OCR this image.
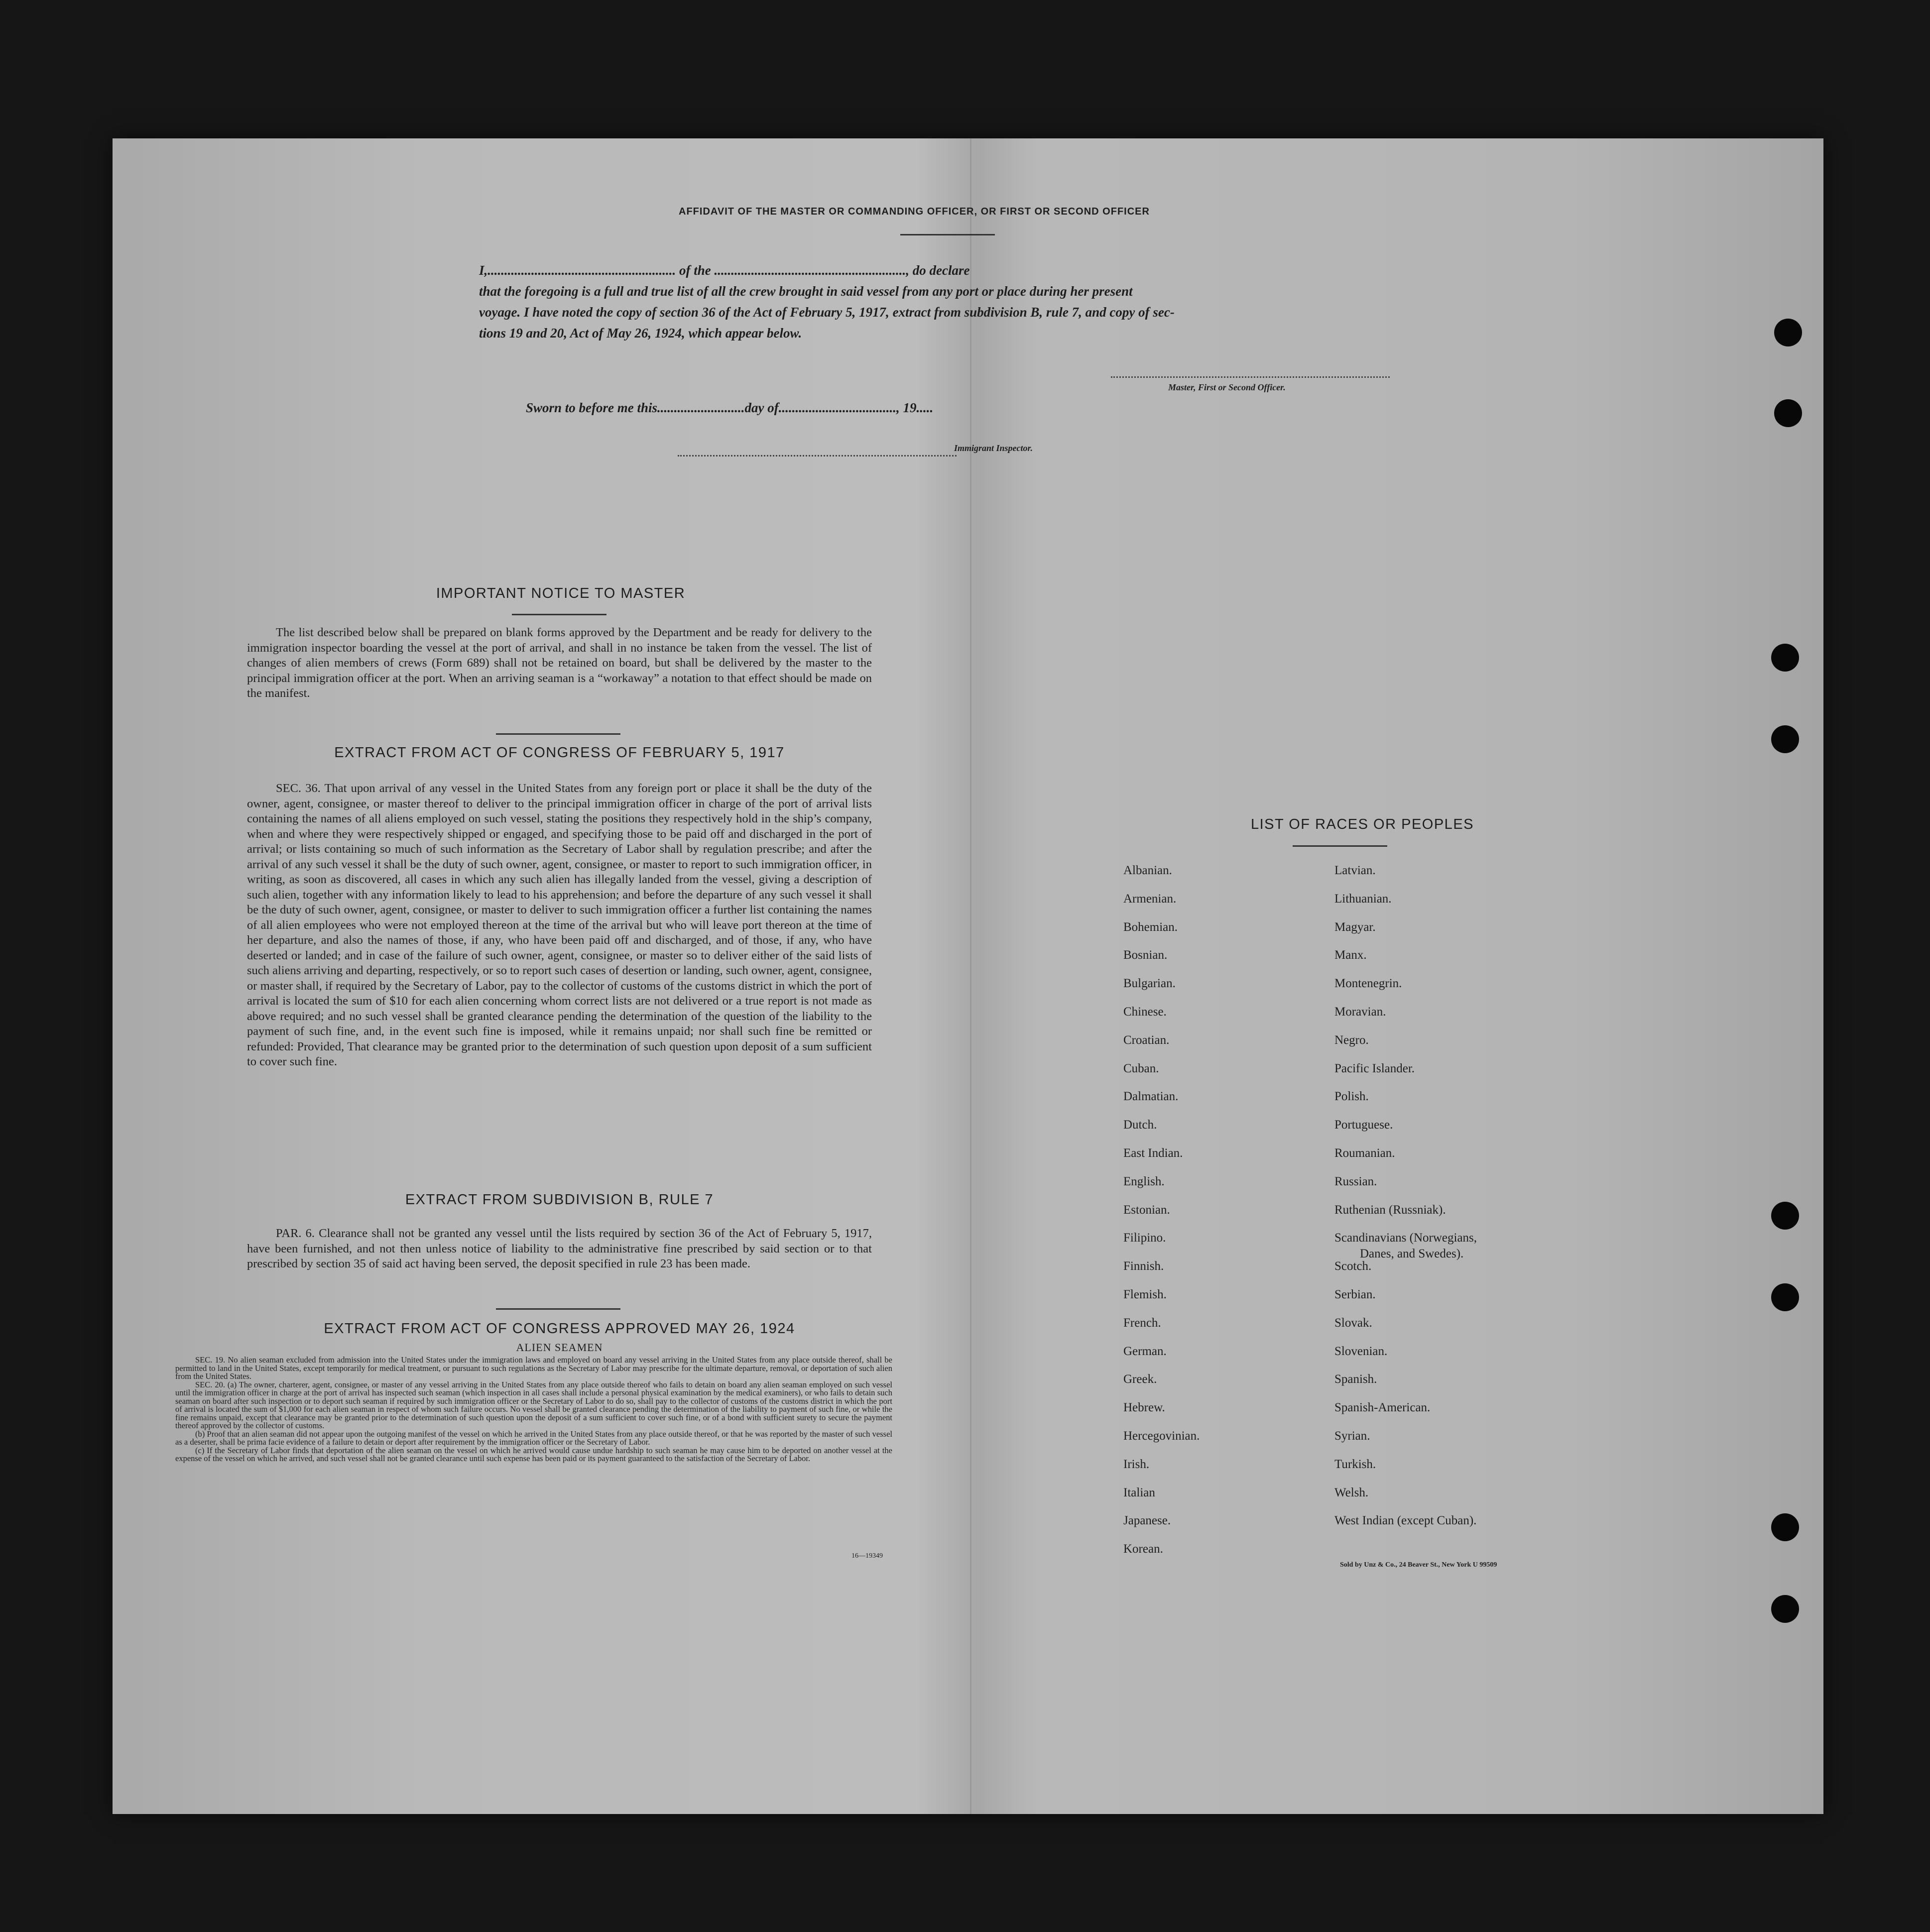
AFFIDAVIT OF THE MASTER OR COMMANDING OFFICER, OR FIRST OR SECOND OFFICER
I,........................................................ of the ........................................................., do declare
that the foregoing is a full and true list of all the crew brought in said vessel from any port or place during her present
voyage. I have noted the copy of section 36 of the Act of February 5, 1917, extract from subdivision B, rule 7, and copy of sec-
tions 19 and 20, Act of May 26, 1924, which appear below.
Master, First or Second Officer.
Sworn to before me this..........................day of..................................., 19.....
Immigrant Inspector.
IMPORTANT NOTICE TO MASTER

The list described below shall be prepared on blank forms approved by the Department and be ready for delivery to the immigration inspector boarding the vessel at the port of arrival, and shall in no instance be taken from the vessel. The list of changes of alien members of crews (Form 689) shall not be retained on board, but shall be delivered by the master to the principal immigration officer at the port. When an arriving seaman is a “workaway” a notation to that effect should be made on the manifest.

EXTRACT FROM ACT OF CONGRESS OF FEBRUARY 5, 1917

SEC. 36. That upon arrival of any vessel in the United States from any foreign port or place it shall be the duty of the owner, agent, consignee, or master thereof to deliver to the principal immigration officer in charge of the port of arrival lists containing the names of all aliens employed on such vessel, stating the positions they respectively hold in the ship’s company, when and where they were respectively shipped or engaged, and specifying those to be paid off and discharged in the port of arrival; or lists containing so much of such information as the Secretary of Labor shall by regulation prescribe; and after the arrival of any such vessel it shall be the duty of such owner, agent, consignee, or master to report to such immigration officer, in writing, as soon as discovered, all cases in which any such alien has illegally landed from the vessel, giving a description of such alien, together with any information likely to lead to his apprehension; and before the departure of any such vessel it shall be the duty of such owner, agent, consignee, or master to deliver to such immigration officer a further list containing the names of all alien employees who were not employed thereon at the time of the arrival but who will leave port thereon at the time of her departure, and also the names of those, if any, who have been paid off and discharged, and of those, if any, who have deserted or landed; and in case of the failure of such owner, agent, consignee, or master so to deliver either of the said lists of such aliens arriving and departing, respectively, or so to report such cases of desertion or landing, such owner, agent, consignee, or master shall, if required by the Secretary of Labor, pay to the collector of customs of the customs district in which the port of arrival is located the sum of $10 for each alien concerning whom correct lists are not delivered or a true report is not made as above required; and no such vessel shall be granted clearance pending the determination of the question of the liability to the payment of such fine, and, in the event such fine is imposed, while it remains unpaid; nor shall such fine be remitted or refunded: Provided, That clearance may be granted prior to the determination of such question upon deposit of a sum sufficient to cover such fine.

EXTRACT FROM SUBDIVISION B, RULE 7

PAR. 6. Clearance shall not be granted any vessel until the lists required by section 36 of the Act of February 5, 1917, have been furnished, and not then unless notice of liability to the administrative fine prescribed by said section or to that prescribed by section 35 of said act having been served, the deposit specified in rule 23 has been made.

EXTRACT FROM ACT OF CONGRESS APPROVED MAY 26, 1924
ALIEN SEAMEN

SEC. 19. No alien seaman excluded from admission into the United States under the immigration laws and employed on board any vessel arriving in the United States from any place outside thereof, shall be permitted to land in the United States, except temporarily for medical treatment, or pursuant to such regulations as the Secretary of Labor may prescribe for the ultimate departure, removal, or deportation of such alien from the United States.

SEC. 20. (a) The owner, charterer, agent, consignee, or master of any vessel arriving in the United States from any place outside thereof who fails to detain on board any alien seaman employed on such vessel until the immigration officer in charge at the port of arrival has inspected such seaman (which inspection in all cases shall include a personal physical examination by the medical examiners), or who fails to detain such seaman on board after such inspection or to deport such seaman if required by such immigration officer or the Secretary of Labor to do so, shall pay to the collector of customs of the customs district in which the port of arrival is located the sum of $1,000 for each alien seaman in respect of whom such failure occurs. No vessel shall be granted clearance pending the determination of the liability to payment of such fine, or while the fine remains unpaid, except that clearance may be granted prior to the determination of such question upon the deposit of a sum sufficient to cover such fine, or of a bond with sufficient surety to secure the payment thereof approved by the collector of customs.

(b) Proof that an alien seaman did not appear upon the outgoing manifest of the vessel on which he arrived in the United States from any place outside thereof, or that he was reported by the master of such vessel as a deserter, shall be prima facie evidence of a failure to detain or deport after requirement by the immigration officer or the Secretary of Labor.

(c) If the Secretary of Labor finds that deportation of the alien seaman on the vessel on which he arrived would cause undue hardship to such seaman he may cause him to be deported on another vessel at the expense of the vessel on which he arrived, and such vessel shall not be granted clearance until such expense has been paid or its payment guaranteed to the satisfaction of the Secretary of Labor.

16—19349
LIST OF RACES OR PEOPLES
Albanian.
Armenian.
Bohemian.
Bosnian.
Bulgarian.
Chinese.
Croatian.
Cuban.
Dalmatian.
Dutch.
East Indian.
English.
Estonian.
Filipino.
Finnish.
Flemish.
French.
German.
Greek.
Hebrew.
Hercegovinian.
Irish.
Italian
Japanese.
Korean.
Latvian.
Lithuanian.
Magyar.
Manx.
Montenegrin.
Moravian.
Negro.
Pacific Islander.
Polish.
Portuguese.
Roumanian.
Russian.
Ruthenian (Russniak).
Scandinavians (Norwegians,
Danes, and Swedes).
Scotch.
Serbian.
Slovak.
Slovenian.
Spanish.
Spanish-American.
Syrian.
Turkish.
Welsh.
West Indian (except Cuban).
Sold by Unz & Co., 24 Beaver St., New York U 99509
